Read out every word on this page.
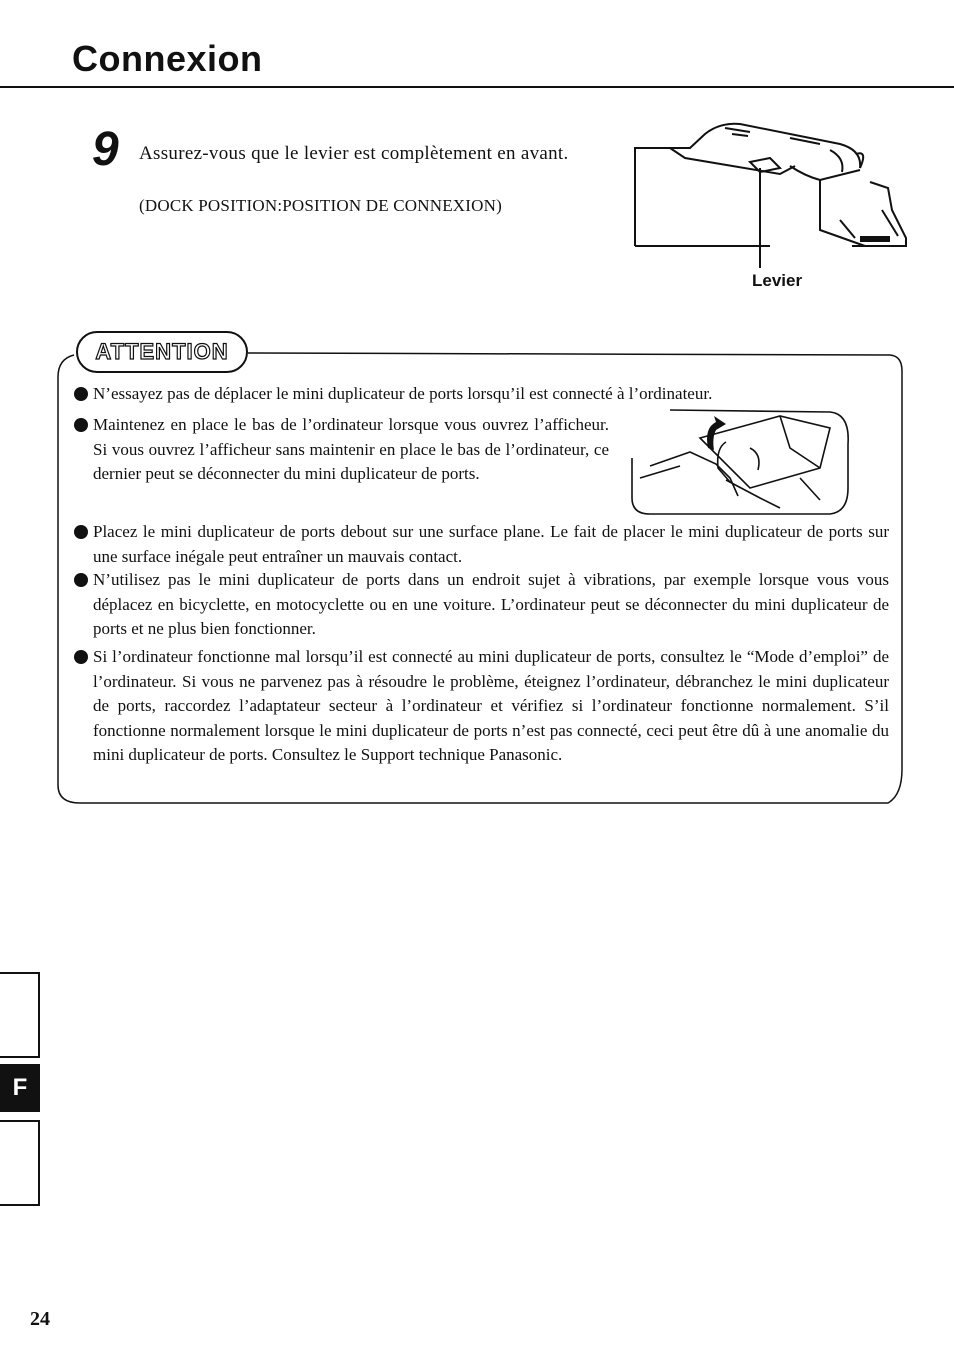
Connexion
9 Assurez-vous que le levier est complètement en avant.
(DOCK POSITION:POSITION DE CONNEXION)
Levier
ATTENTION
N’essayez pas de déplacer le mini duplicateur de ports lorsqu’il est connecté à l’ordinateur.
Maintenez en place le bas de l’ordinateur lorsque vous ouvrez l’afficheur. Si vous ouvrez l’afficheur sans maintenir en place le bas de l’ordinateur, ce dernier peut se déconnecter du mini duplicateur de ports.
Placez le mini duplicateur de ports debout sur une surface plane. Le fait de placer le mini duplicateur de ports sur une surface inégale peut entraîner un mauvais contact.
N’utilisez pas le mini duplicateur de ports dans un endroit sujet à vibrations, par exemple lorsque vous vous déplacez en bicyclette, en motocyclette ou en une voiture. L’ordinateur peut se déconnecter du mini duplicateur de ports et ne plus bien fonctionner.
Si l’ordinateur fonctionne mal lorsqu’il est connecté au mini duplicateur de ports, consultez le “Mode d’emploi” de l’ordinateur. Si vous ne parvenez pas à résoudre le problème, éteignez l’ordinateur, débranchez le mini duplicateur de ports, raccordez l’adaptateur secteur à l’ordinateur et vérifiez si l’ordinateur fonctionne normalement. S’il fonctionne normalement lorsque le mini duplicateur de ports n’est pas connecté, ceci peut être dû à une anomalie du mini duplicateur de ports. Consultez le Support technique Panasonic.
F
24
